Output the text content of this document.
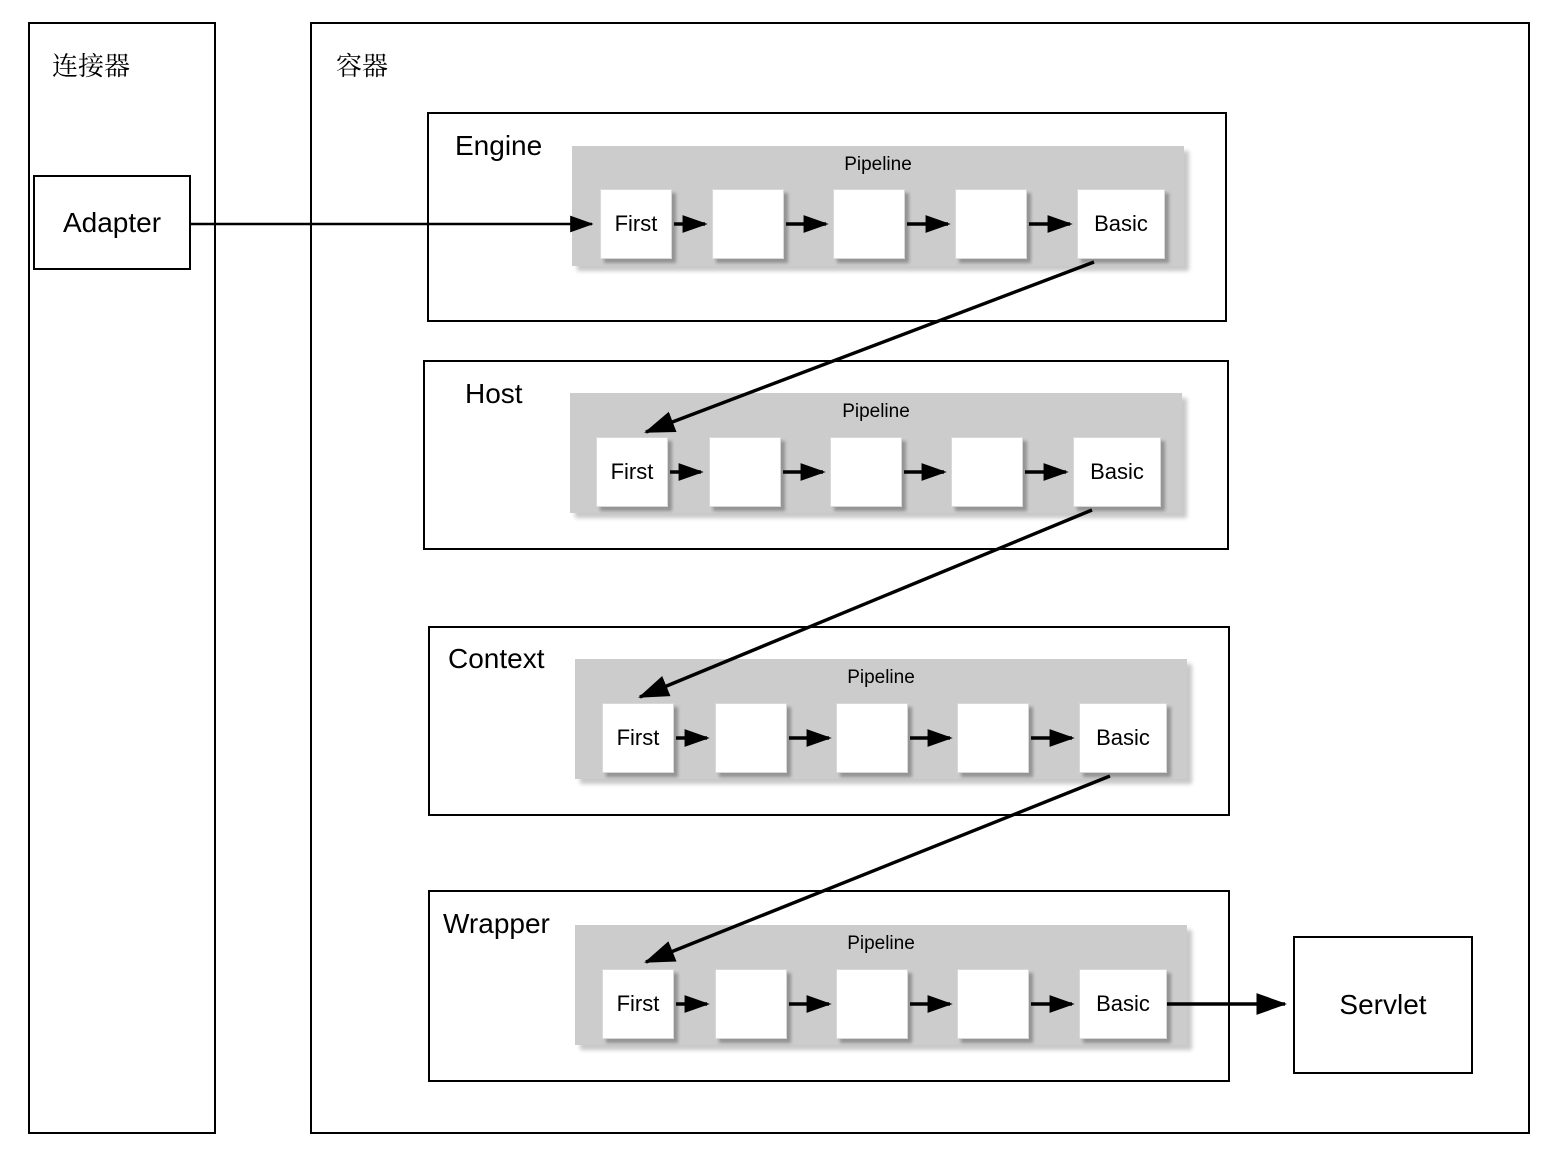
连接器	容器
Adapter
Servlet
Engine
Pipeline
First	Basic
Host
Pipeline
First	Basic
Context
Pipeline
First	Basic
Wrapper
Pipeline
First	Basic
